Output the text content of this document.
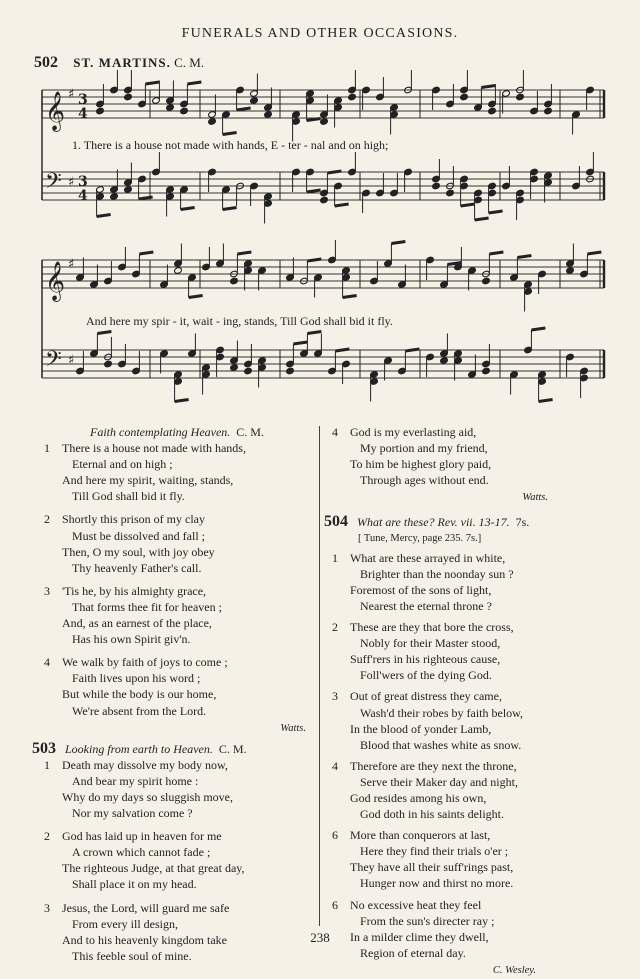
FUNERALS AND OTHER OCCASIONS.
502 ST. MARTINS. C. M.
𝄞 ♯ 3
4
𝄢 ♯ 3
4
𝄞 ♯
𝄢 ♯
1. There is a house not made with hands, E - ter - nal and on high;
And here my spir - it, wait - ing, stands, Till God shall bid it fly.

Faith contemplating Heaven. C. M.

1 There is a house not made with hands,
Eternal and on high ;
And here my spirit, waiting, stands,
Till God shall bid it fly.
2 Shortly this prison of my clay
Must be dissolved and fall ;
Then, O my soul, with joy obey
Thy heavenly Father's call.
3 'Tis he, by his almighty grace,
That forms thee fit for heaven ;
And, as an earnest of the place,
Has his own Spirit giv'n.
4 We walk by faith of joys to come ;
Faith lives upon his word ;
But while the body is our home,
We're absent from the Lord.
Watts.

503 Looking from earth to Heaven. C. M.

1 Death may dissolve my body now,
And bear my spirit home :
Why do my days so sluggish move,
Nor my salvation come ?
2 God has laid up in heaven for me
A crown which cannot fade ;
The righteous Judge, at that great day,
Shall place it on my head.
3 Jesus, the Lord, will guard me safe
From every ill design,
And to his heavenly kingdom take
This feeble soul of mine.
4 God is my everlasting aid,
My portion and my friend,
To him be highest glory paid,
Through ages without end.
Watts.

504 What are these? Rev. vii. 13-17. 7s.

[ Tune, Mercy, page 235. 7s.]

1 What are these arrayed in white,
Brighter than the noonday sun ?
Foremost of the sons of light,
Nearest the eternal throne ?
2 These are they that bore the cross,
Nobly for their Master stood,
Suff'rers in his righteous cause,
Foll'wers of the dying God.
3 Out of great distress they came,
Wash'd their robes by faith below,
In the blood of yonder Lamb,
Blood that washes white as snow.
4 Therefore are they next the throne,
Serve their Maker day and night,
God resides among his own,
God doth in his saints delight.
6 More than conquerors at last,
Here they find their trials o'er ;
They have all their suff'rings past,
Hunger now and thirst no more.
6 No excessive heat they feel
From the sun's directer ray ;
In a milder clime they dwell,
Region of eternal day.
C. Wesley.
238
